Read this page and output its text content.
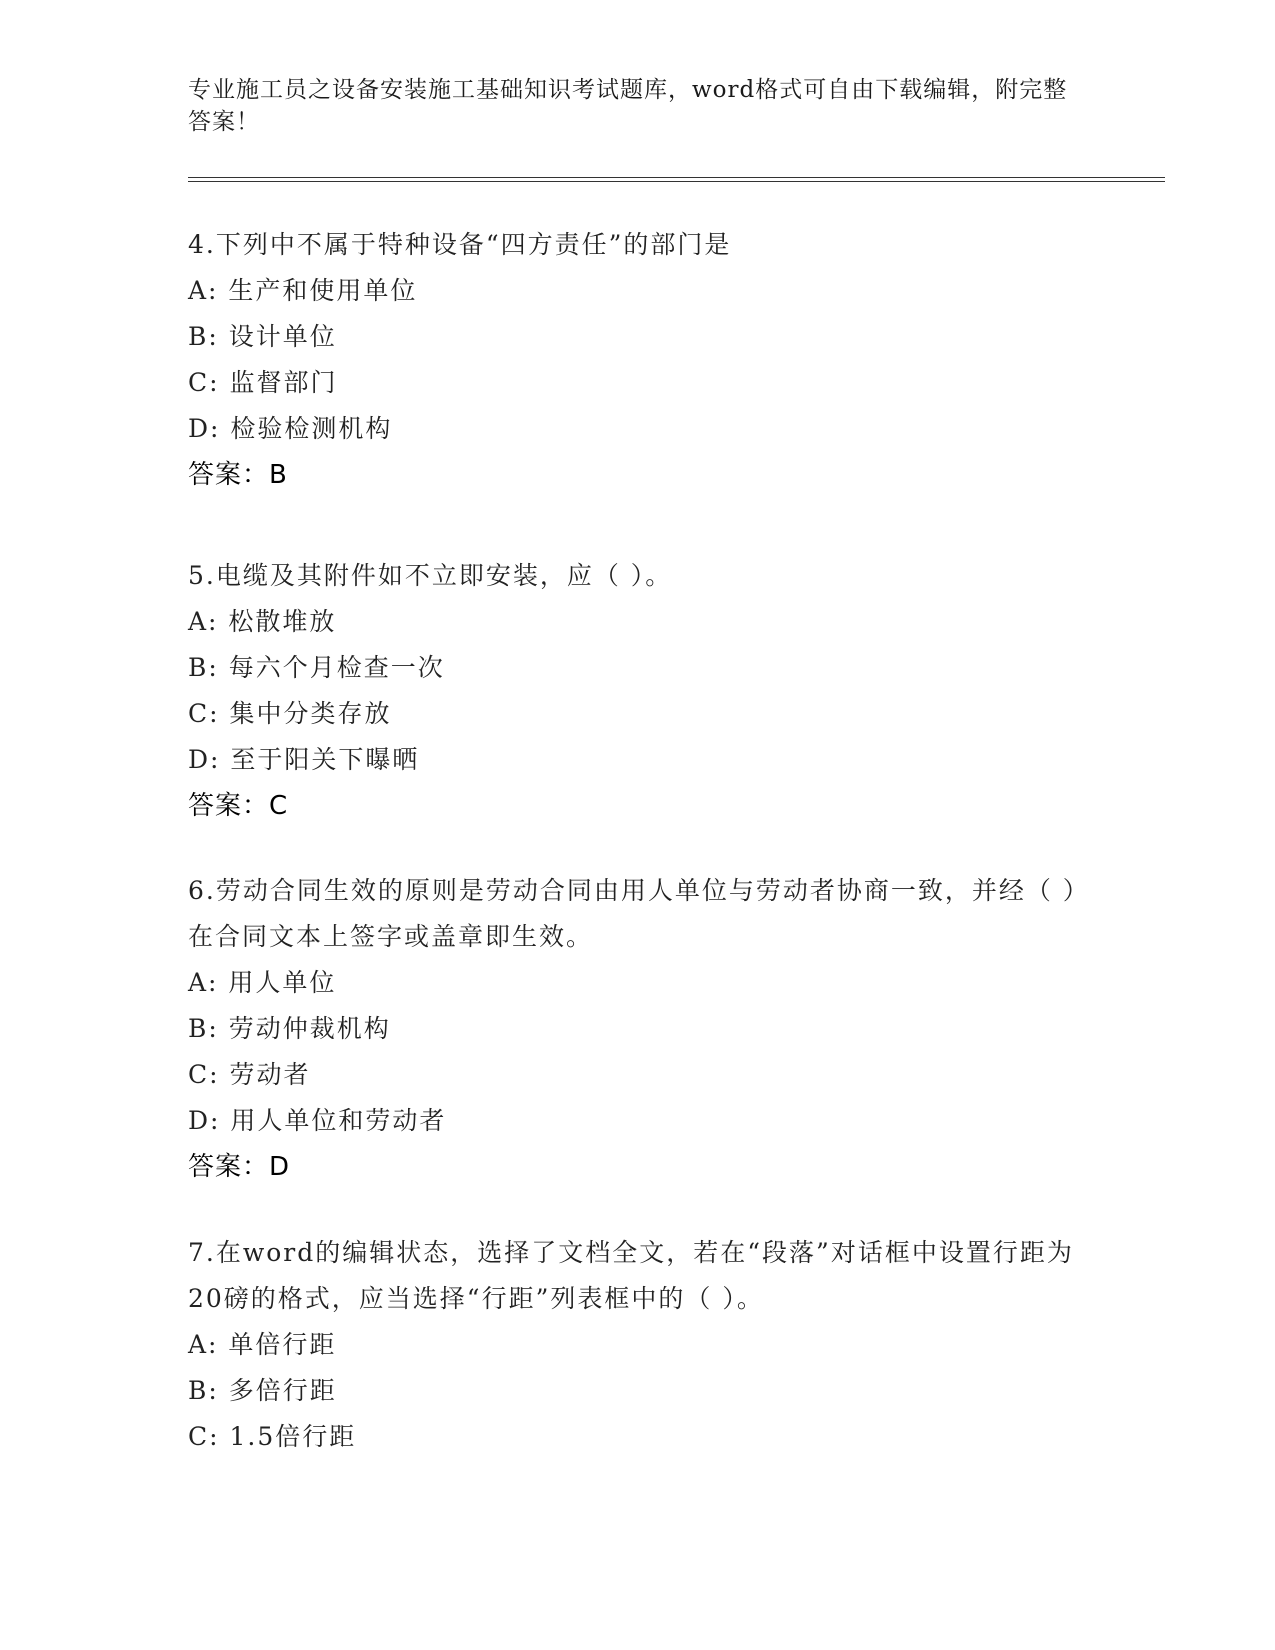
专业施工员之设备安装施工基础知识考试题库，word格式可自由下载编辑，附完整答案！
4.下列中不属于特种设备“四方责任”的部门是
A: 生产和使用单位
B: 设计单位
C: 监督部门
D: 检验检测机构
答案：B
5.电缆及其附件如不立即安装，应（ ）。
A: 松散堆放
B: 每六个月检查一次
C: 集中分类存放
D: 至于阳关下曝晒
答案：C
6.劳动合同生效的原则是劳动合同由用人单位与劳动者协商一致，并经（ ）在合同文本上签字或盖章即生效。
A: 用人单位
B: 劳动仲裁机构
C: 劳动者
D: 用人单位和劳动者
答案：D
7.在word的编辑状态，选择了文档全文，若在“段落”对话框中设置行距为20磅的格式，应当选择“行距”列表框中的（ ）。
A: 单倍行距
B: 多倍行距
C: 1.5倍行距
